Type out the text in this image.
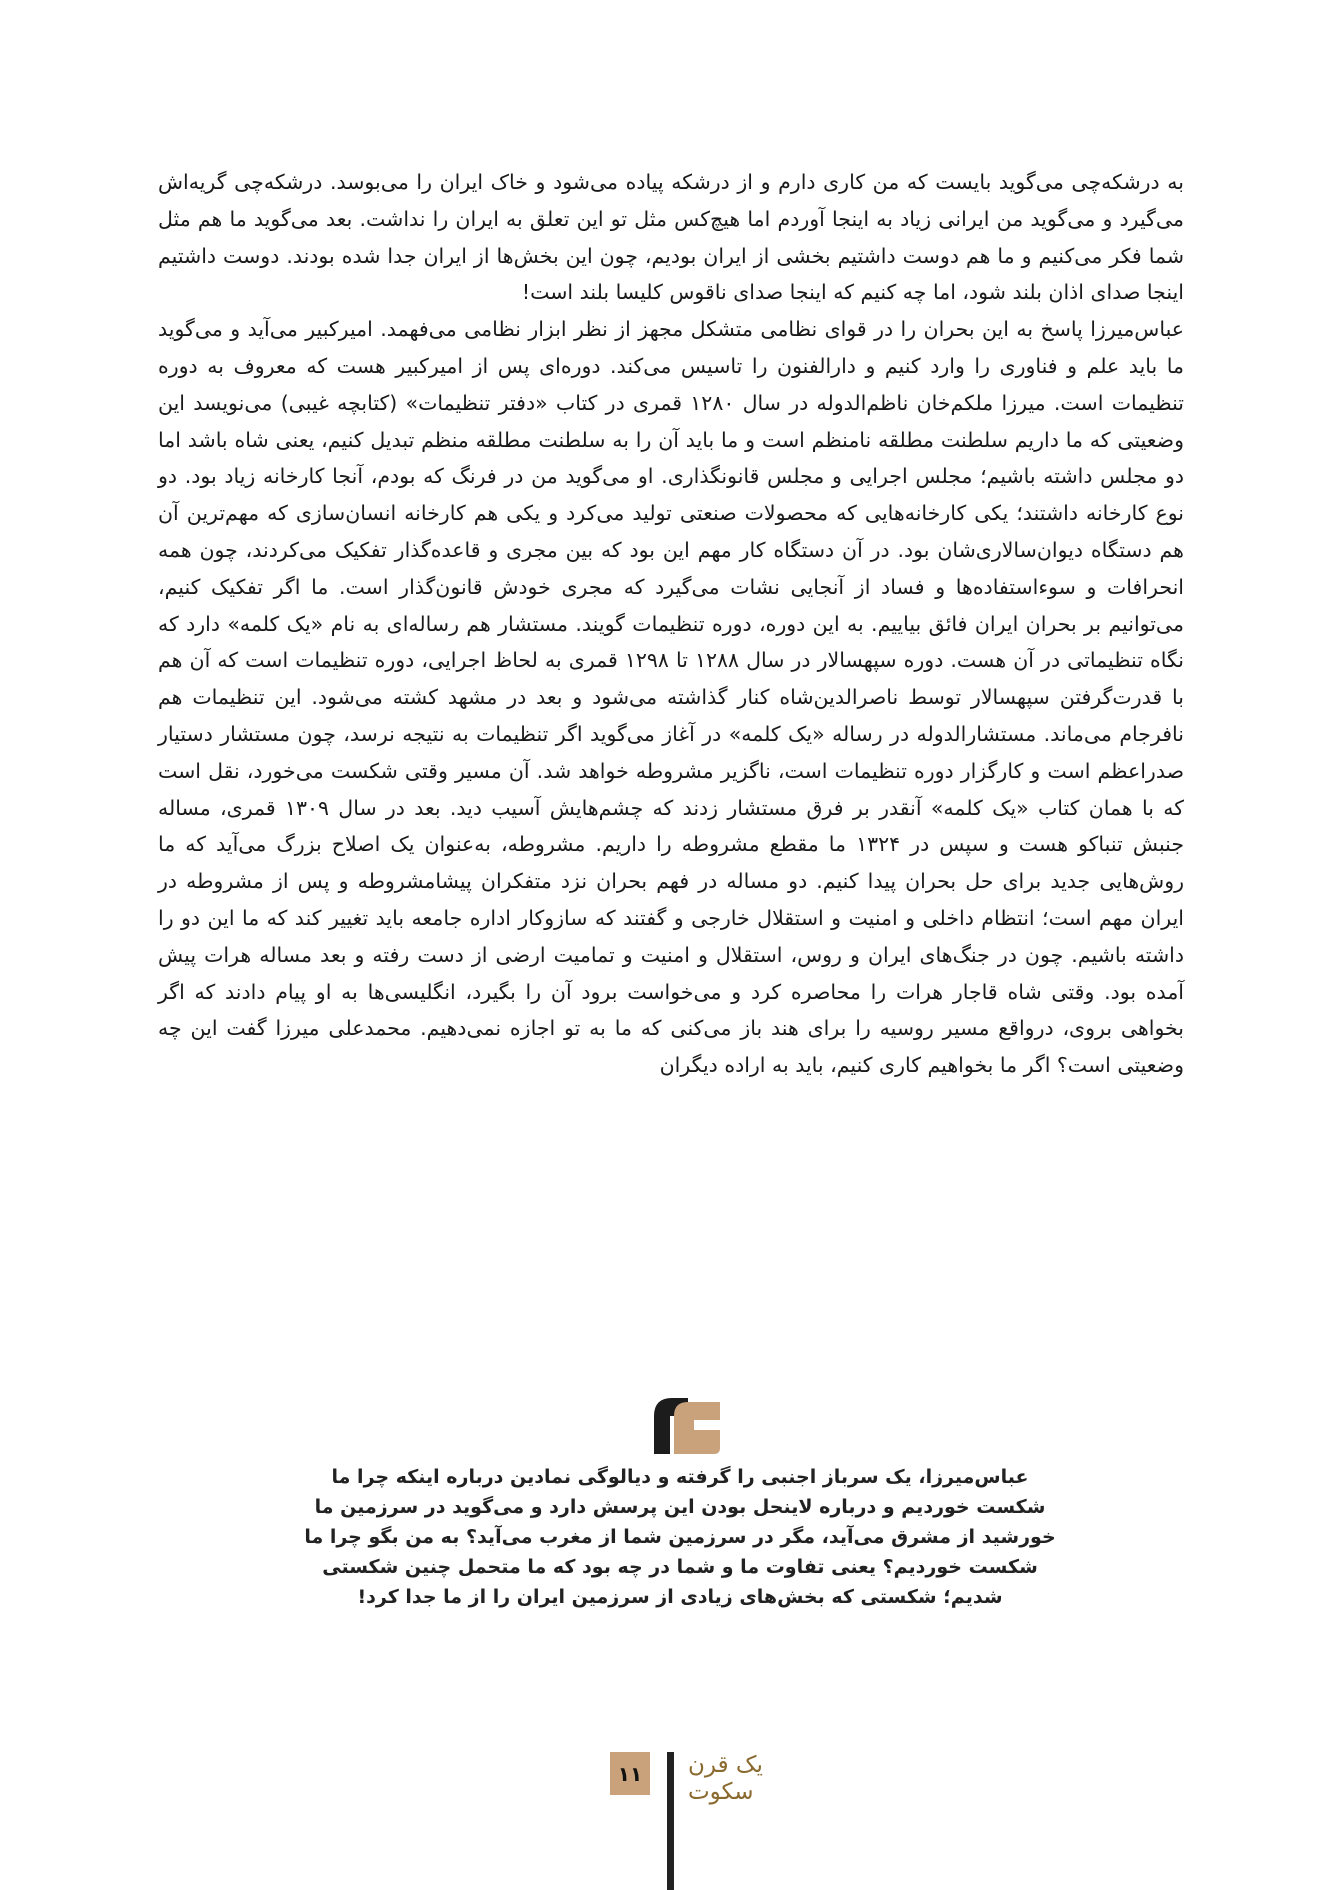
به درشکه‌چی می‌گوید بایست که من کاری دارم و از درشکه پیاده می‌شود و خاک ایران را می‌بوسد. درشکه‌چی گریه‌اش می‌گیرد و می‌گوید من ایرانی زیاد به اینجا آوردم اما هیچ‌کس مثل تو این تعلق به ایران را نداشت. بعد می‌گوید ما هم مثل شما فکر می‌کنیم و ما هم دوست داشتیم بخشی از ایران بودیم، چون این بخش‌ها از ایران جدا شده بودند. دوست داشتیم اینجا صدای اذان بلند شود، اما چه کنیم که اینجا صدای ناقوس کلیسا بلند است!

عباس‌میرزا پاسخ به این بحران را در قوای نظامی متشکل مجهز از نظر ابزار نظامی می‌فهمد. امیرکبیر می‌آید و می‌گوید ما باید علم و فناوری را وارد کنیم و دارالفنون را تاسیس می‌کند. دوره‌ای پس از امیرکبیر هست که معروف به دوره تنظیمات است. میرزا ملکم‌خان ناظم‌الدوله در سال ۱۲۸۰ قمری در کتاب «دفتر تنظیمات» (کتابچه غیبی) می‌نویسد این وضعیتی که ما داریم سلطنت مطلقه نامنظم است و ما باید آن را به سلطنت مطلقه منظم تبدیل کنیم، یعنی شاه باشد اما دو مجلس داشته باشیم؛ مجلس اجرایی و مجلس قانونگذاری. او می‌گوید من در فرنگ که بودم، آنجا کارخانه زیاد بود. دو نوع کارخانه داشتند؛ یکی کارخانه‌هایی که محصولات صنعتی تولید می‌کرد و یکی هم کارخانه انسان‌سازی که مهم‌ترین آن هم دستگاه دیوان‌سالاری‌شان بود. در آن دستگاه کار مهم این بود که بین مجری و قاعده‌گذار تفکیک می‌کردند، چون همه انحرافات و سوءاستفاده‌ها و فساد از آنجایی نشات می‌گیرد که مجری خودش قانون‌گذار است. ما اگر تفکیک کنیم، می‌توانیم بر بحران ایران فائق بیاییم. به این دوره، دوره تنظیمات گویند. مستشار هم رساله‌ای به نام «یک کلمه» دارد که نگاه تنظیماتی در آن هست. دوره سپهسالار در سال ۱۲۸۸ تا ۱۲۹۸ قمری به لحاظ اجرایی، دوره تنظیمات است که آن هم با قدرت‌گرفتن سپهسالار توسط ناصرالدین‌شاه کنار گذاشته می‌شود و بعد در مشهد کشته می‌شود. این تنظیمات هم نافرجام می‌ماند. مستشارالدوله در رساله «یک کلمه» در آغاز می‌گوید اگر تنظیمات به نتیجه نرسد، چون مستشار دستیار صدراعظم است و کارگزار دوره تنظیمات است، ناگزیر مشروطه خواهد شد. آن مسیر وقتی شکست می‌خورد، نقل است که با همان کتاب «یک کلمه» آنقدر بر فرق مستشار زدند که چشم‌هایش آسیب دید. بعد در سال ۱۳۰۹ قمری، مساله جنبش تنباکو هست و سپس در ۱۳۲۴ ما مقطع مشروطه را داریم. مشروطه، به‌عنوان یک اصلاح بزرگ می‌آید که ما روش‌هایی جدید برای حل بحران پیدا کنیم. دو مساله در فهم بحران نزد متفکران پیشامشروطه و پس از مشروطه در ایران مهم است؛ انتظام داخلی و امنیت و استقلال خارجی و گفتند که سازوکار اداره جامعه باید تغییر کند که ما این دو را داشته باشیم. چون در جنگ‌های ایران و روس، استقلال و امنیت و تمامیت ارضی از دست رفته و بعد مساله هرات پیش آمده بود. وقتی شاه قاجار هرات را محاصره کرد و می‌خواست برود آن را بگیرد، انگلیسی‌ها به او پیام دادند که اگر بخواهی بروی، درواقع مسیر روسیه را برای هند باز می‌کنی که ما به تو اجازه نمی‌دهیم. محمدعلی میرزا گفت این چه وضعیتی است؟ اگر ما بخواهیم کاری کنیم، باید به اراده دیگران

عباس‌میرزا، یک سرباز اجنبی را گرفته و دیالوگی نمادین درباره اینکه چرا ما شکست خوردیم و درباره لاینحل بودن این پرسش دارد و می‌گوید در سرزمین ما خورشید از مشرق می‌آید، مگر در سرزمین شما از مغرب می‌آید؟ به من بگو چرا ما شکست خوردیم؟ یعنی تفاوت ما و شما در چه بود که ما متحمل چنین شکستی شدیم؛ شکستی که بخش‌های زیادی از سرزمین ایران را از ما جدا کرد!
۱۱	یک قرن
سکوت
